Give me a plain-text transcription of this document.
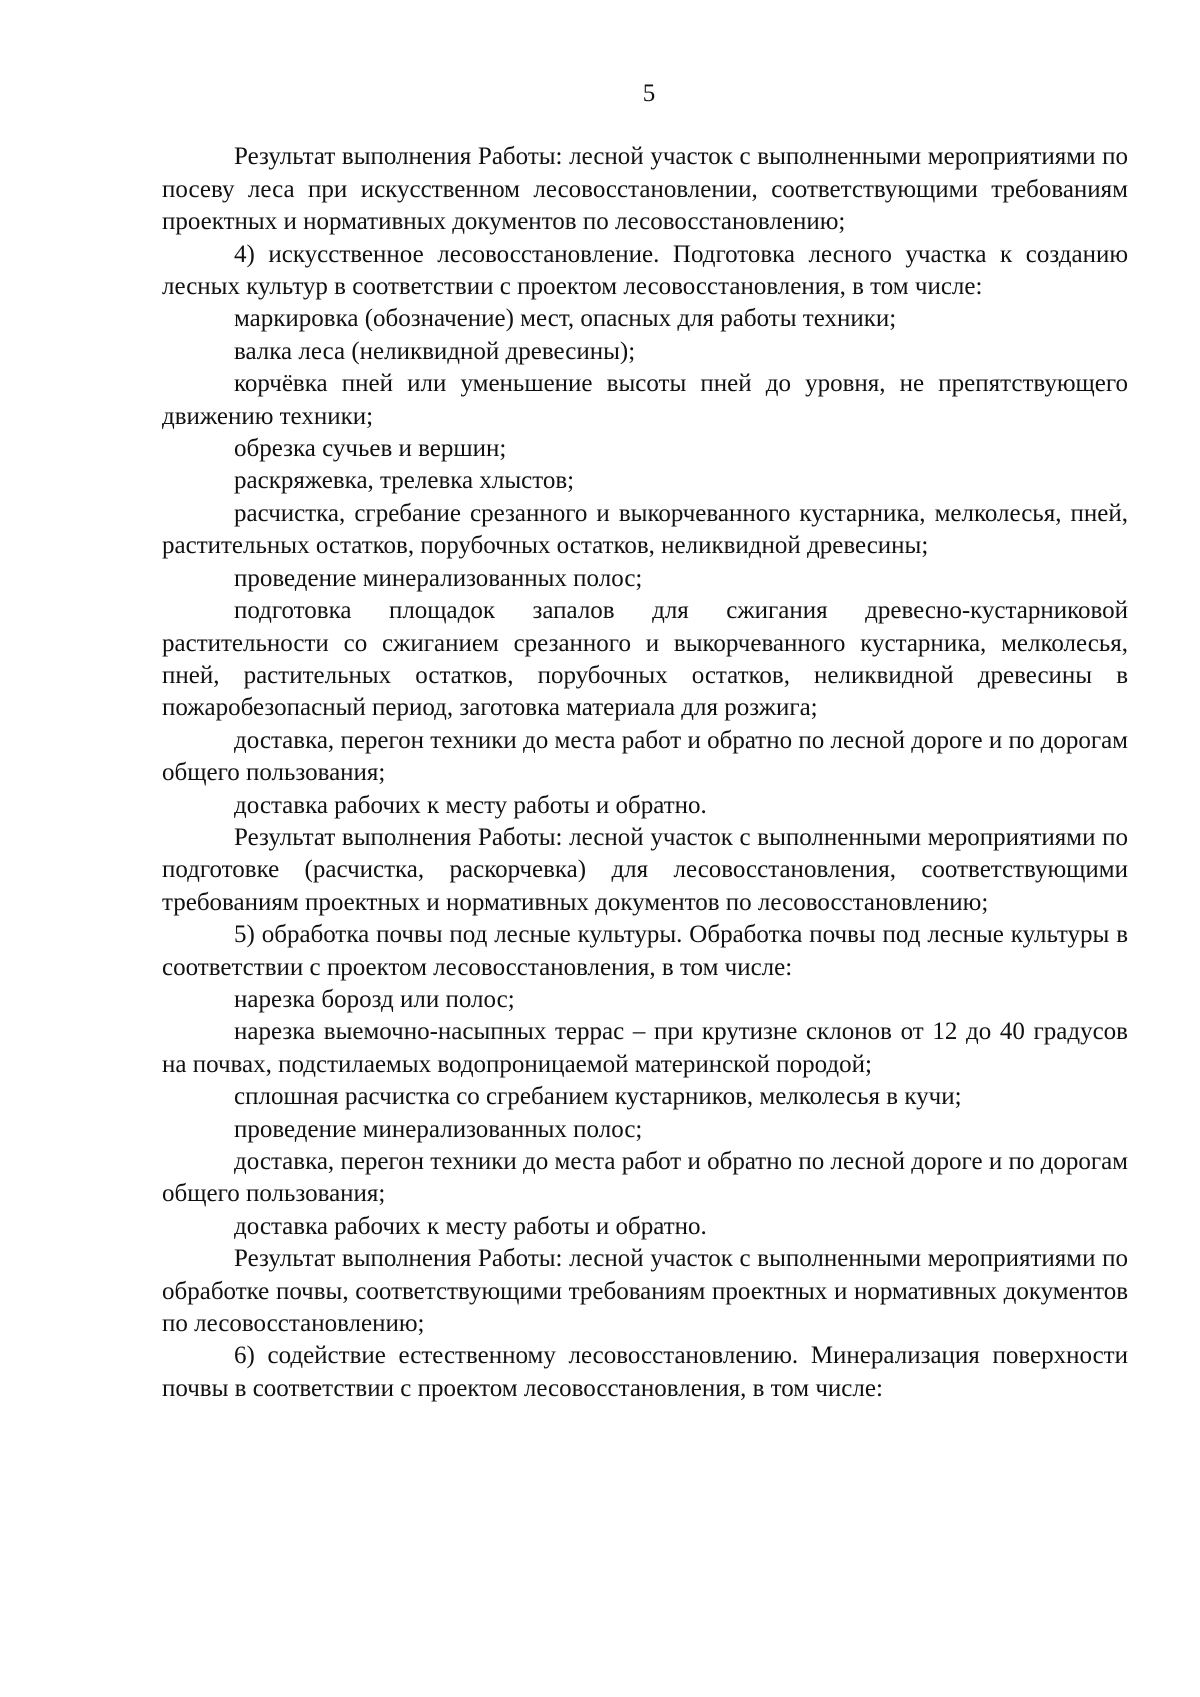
5

Результат выполнения Работы: лесной участок с выполненными мероприятиями по посеву леса при искусственном лесовосстановлении, соответствующими требованиям проектных и нормативных документов по лесовосстановлению;

4) искусственное лесовосстановление. Подготовка лесного участка к созданию лесных культур в соответствии с проектом лесовосстановления, в том числе:

маркировка (обозначение) мест, опасных для работы техники;

валка леса (неликвидной древесины);

корчёвка пней или уменьшение высоты пней до уровня, не препятствующего движению техники;

обрезка сучьев и вершин;

раскряжевка, трелевка хлыстов;

расчистка, сгребание срезанного и выкорчеванного кустарника, мелколесья, пней, растительных остатков, порубочных остатков, неликвидной древесины;

проведение минерализованных полос;

подготовка площадок запалов для сжигания древесно-кустарниковой растительности со сжиганием срезанного и выкорчеванного кустарника, мелколесья, пней, растительных остатков, порубочных остатков, неликвидной древесины в пожаробезопасный период, заготовка материала для розжига;

доставка, перегон техники до места работ и обратно по лесной дороге и по дорогам общего пользования;

доставка рабочих к месту работы и обратно.

Результат выполнения Работы: лесной участок с выполненными мероприятиями по подготовке (расчистка, раскорчевка) для лесовосстановления, соответствующими требованиям проектных и нормативных документов по лесовосстановлению;

5) обработка почвы под лесные культуры. Обработка почвы под лесные культуры в соответствии с проектом лесовосстановления, в том числе:

нарезка борозд или полос;

нарезка выемочно-насыпных террас – при крутизне склонов от 12 до 40 градусов на почвах, подстилаемых водопроницаемой материнской породой;

сплошная расчистка со сгребанием кустарников, мелколесья в кучи;

проведение минерализованных полос;

доставка, перегон техники до места работ и обратно по лесной дороге и по дорогам общего пользования;

доставка рабочих к месту работы и обратно.

Результат выполнения Работы: лесной участок с выполненными мероприятиями по обработке почвы, соответствующими требованиям проектных и нормативных документов по лесовосстановлению;

6) содействие естественному лесовосстановлению. Минерализация поверхности почвы в соответствии с проектом лесовосстановления, в том числе:
